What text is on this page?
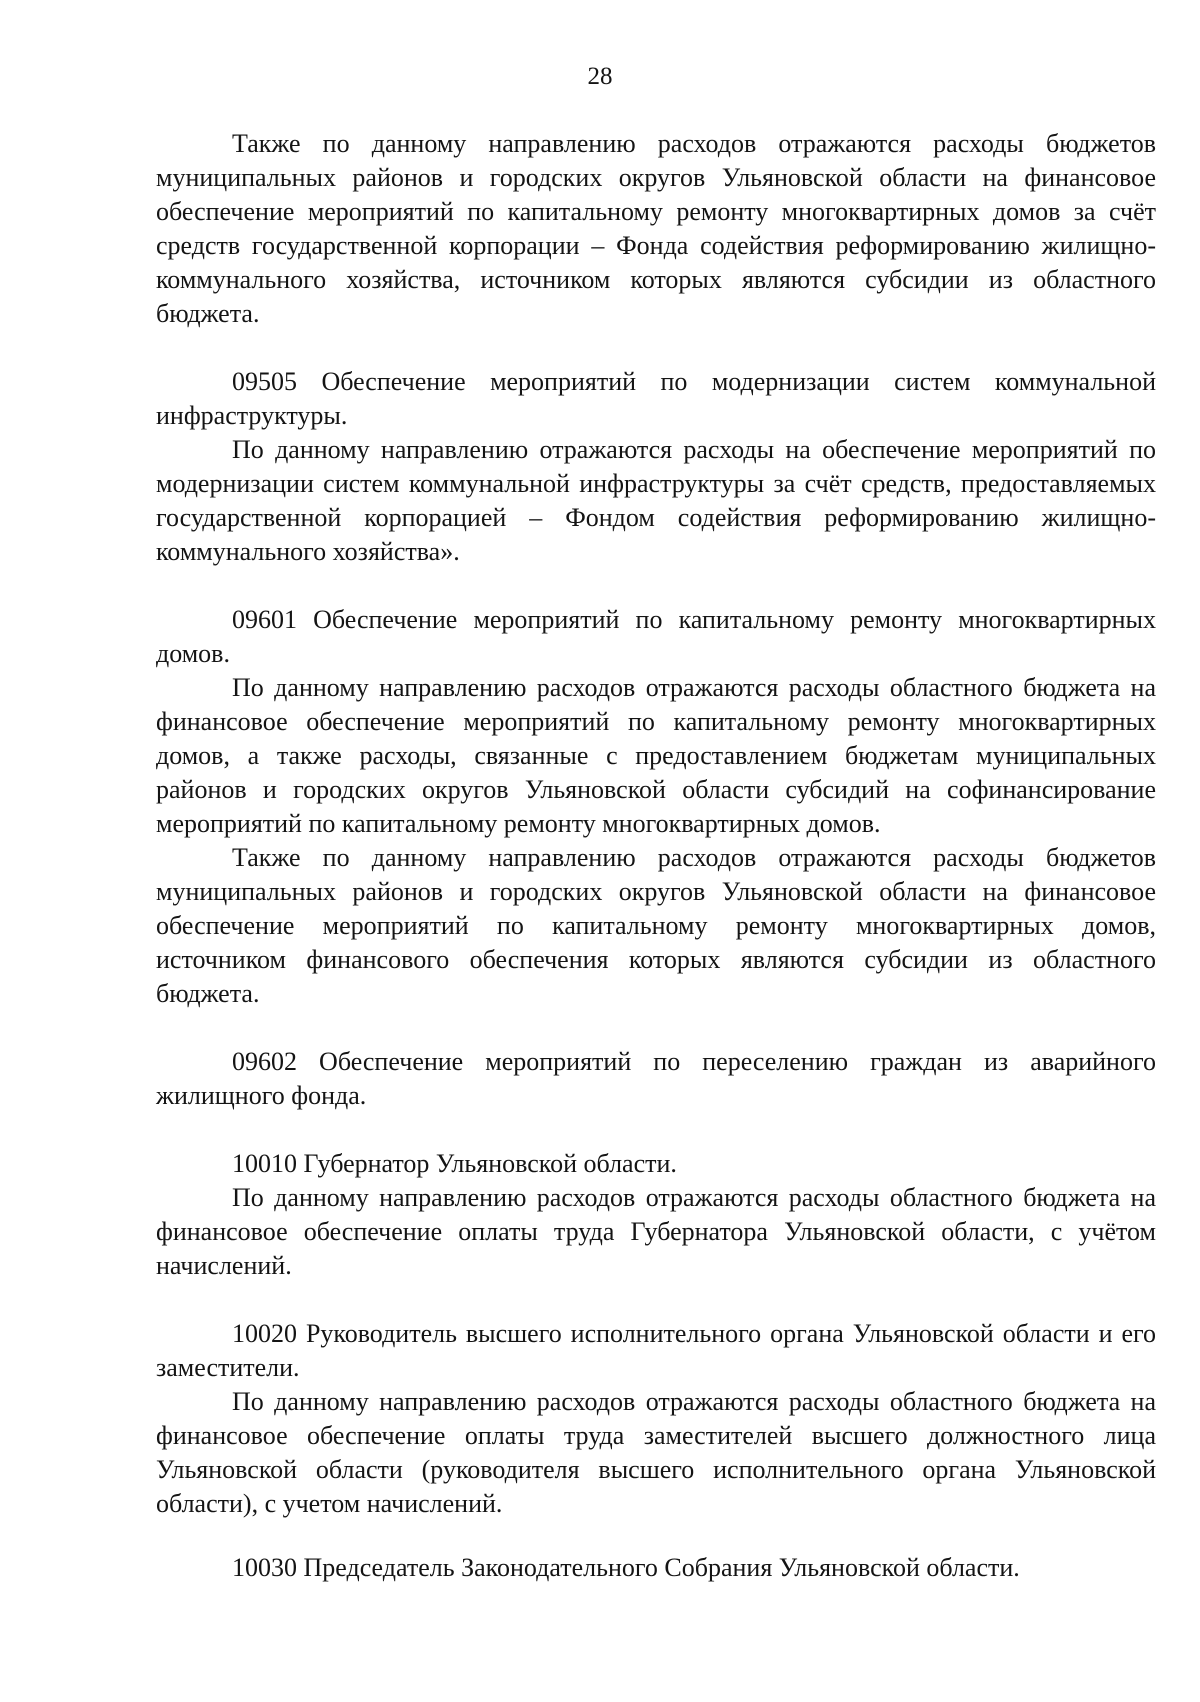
28

Также по данному направлению расходов отражаются расходы бюджетов муниципальных районов и городских округов Ульяновской области на финансовое обеспечение мероприятий по капитальному ремонту многоквартирных домов за счёт средств государственной корпорации – Фонда содействия реформированию жилищно-коммунального хозяйства, источником которых являются субсидии из областного бюджета.

09505 Обеспечение мероприятий по модернизации систем коммунальной инфраструктуры.

По данному направлению отражаются расходы на обеспечение мероприятий по модернизации систем коммунальной инфраструктуры за счёт средств, предоставляемых государственной корпорацией – Фондом содействия реформированию жилищно-коммунального хозяйства».

09601 Обеспечение мероприятий по капитальному ремонту многоквартирных домов.

По данному направлению расходов отражаются расходы областного бюджета на финансовое обеспечение мероприятий по капитальному ремонту многоквартирных домов, а также расходы, связанные с предоставлением бюджетам муниципальных районов и городских округов Ульяновской области субсидий на софинансирование мероприятий по капитальному ремонту многоквартирных домов.

Также по данному направлению расходов отражаются расходы бюджетов муниципальных районов и городских округов Ульяновской области на финансовое обеспечение мероприятий по капитальному ремонту многоквартирных домов, источником финансового обеспечения которых являются субсидии из областного бюджета.

09602 Обеспечение мероприятий по переселению граждан из аварийного жилищного фонда.

10010 Губернатор Ульяновской области.

По данному направлению расходов отражаются расходы областного бюджета на финансовое обеспечение оплаты труда Губернатора Ульяновской области, с учётом начислений.

10020 Руководитель высшего исполнительного органа Ульяновской области и его заместители.

По данному направлению расходов отражаются расходы областного бюджета на финансовое обеспечение оплаты труда заместителей высшего должностного лица Ульяновской области (руководителя высшего исполнительного органа Ульяновской области), с учетом начислений.

10030 Председатель Законодательного Собрания Ульяновской области.
